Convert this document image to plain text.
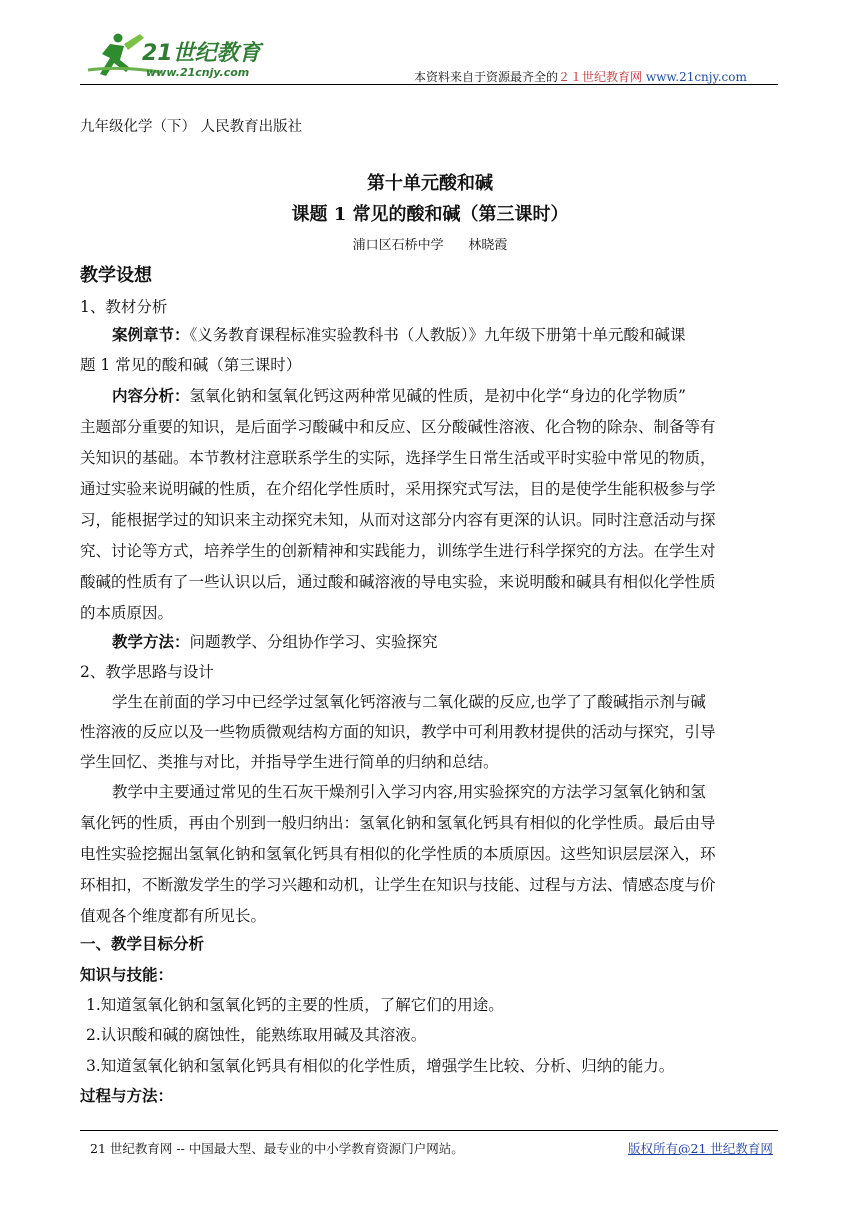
21世纪教育
www.21cnjy.com	本资料来自于资源最齐全的２１世纪教育网 www.21cnjy.com
九年级化学（下） 人民教育出版社
第十单元酸和碱
课题 1 常见的酸和碱（第三课时）
浦口区石桥中学      林晓霞
教学设想
1、教材分析
案例章节：《义务教育课程标准实验教科书（人教版）》九年级下册第十单元酸和碱课
题 1 常见的酸和碱（第三课时）
内容分析：氢氧化钠和氢氧化钙这两种常见碱的性质，是初中化学“身边的化学物质”
主题部分重要的知识，是后面学习酸碱中和反应、区分酸碱性溶液、化合物的除杂、制备等有
关知识的基础。本节教材注意联系学生的实际，选择学生日常生活或平时实验中常见的物质，
通过实验来说明碱的性质，在介绍化学性质时，采用探究式写法，目的是使学生能积极参与学
习，能根据学过的知识来主动探究未知，从而对这部分内容有更深的认识。同时注意活动与探
究、讨论等方式，培养学生的创新精神和实践能力，训练学生进行科学探究的方法。在学生对
酸碱的性质有了一些认识以后，通过酸和碱溶液的导电实验，来说明酸和碱具有相似化学性质
的本质原因。
教学方法：问题教学、分组协作学习、实验探究
2、教学思路与设计
学生在前面的学习中已经学过氢氧化钙溶液与二氧化碳的反应,也学了了酸碱指示剂与碱
性溶液的反应以及一些物质微观结构方面的知识，教学中可利用教材提供的活动与探究，引导
学生回忆、类推与对比，并指导学生进行简单的归纳和总结。
教学中主要通过常见的生石灰干燥剂引入学习内容,用实验探究的方法学习氢氧化钠和氢
氧化钙的性质，再由个别到一般归纳出：氢氧化钠和氢氧化钙具有相似的化学性质。最后由导
电性实验挖掘出氢氧化钠和氢氧化钙具有相似的化学性质的本质原因。这些知识层层深入，环
环相扣，不断激发学生的学习兴趣和动机，让学生在知识与技能、过程与方法、情感态度与价
值观各个维度都有所见长。
一、教学目标分析
知识与技能：
1.知道氢氧化钠和氢氧化钙的主要的性质，了解它们的用途。
2.认识酸和碱的腐蚀性，能熟练取用碱及其溶液。
3.知道氢氧化钠和氢氧化钙具有相似的化学性质，增强学生比较、分析、归纳的能力。
过程与方法：
21 世纪教育网 -- 中国最大型、最专业的中小学教育资源门户网站。	版权所有@21 世纪教育网
